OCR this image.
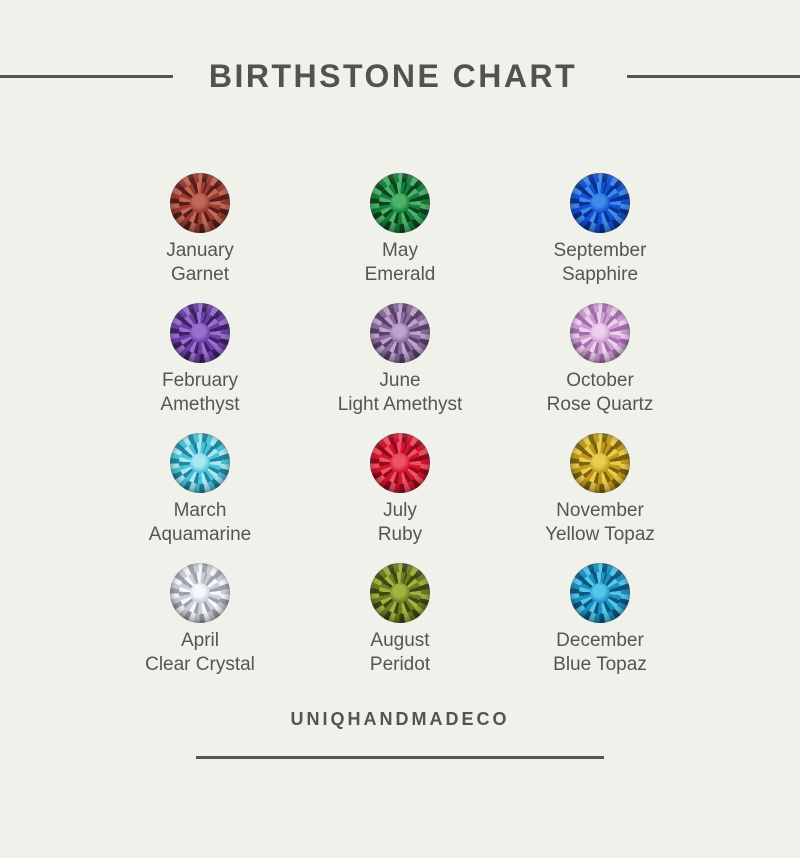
BIRTHSTONE CHART
January
Garnet
May
Emerald
September
Sapphire
February
Amethyst
June
Light Amethyst
October
Rose Quartz
March
Aquamarine
July
Ruby
November
Yellow Topaz
April
Clear Crystal
August
Peridot
December
Blue Topaz
UNIQHANDMADECO
